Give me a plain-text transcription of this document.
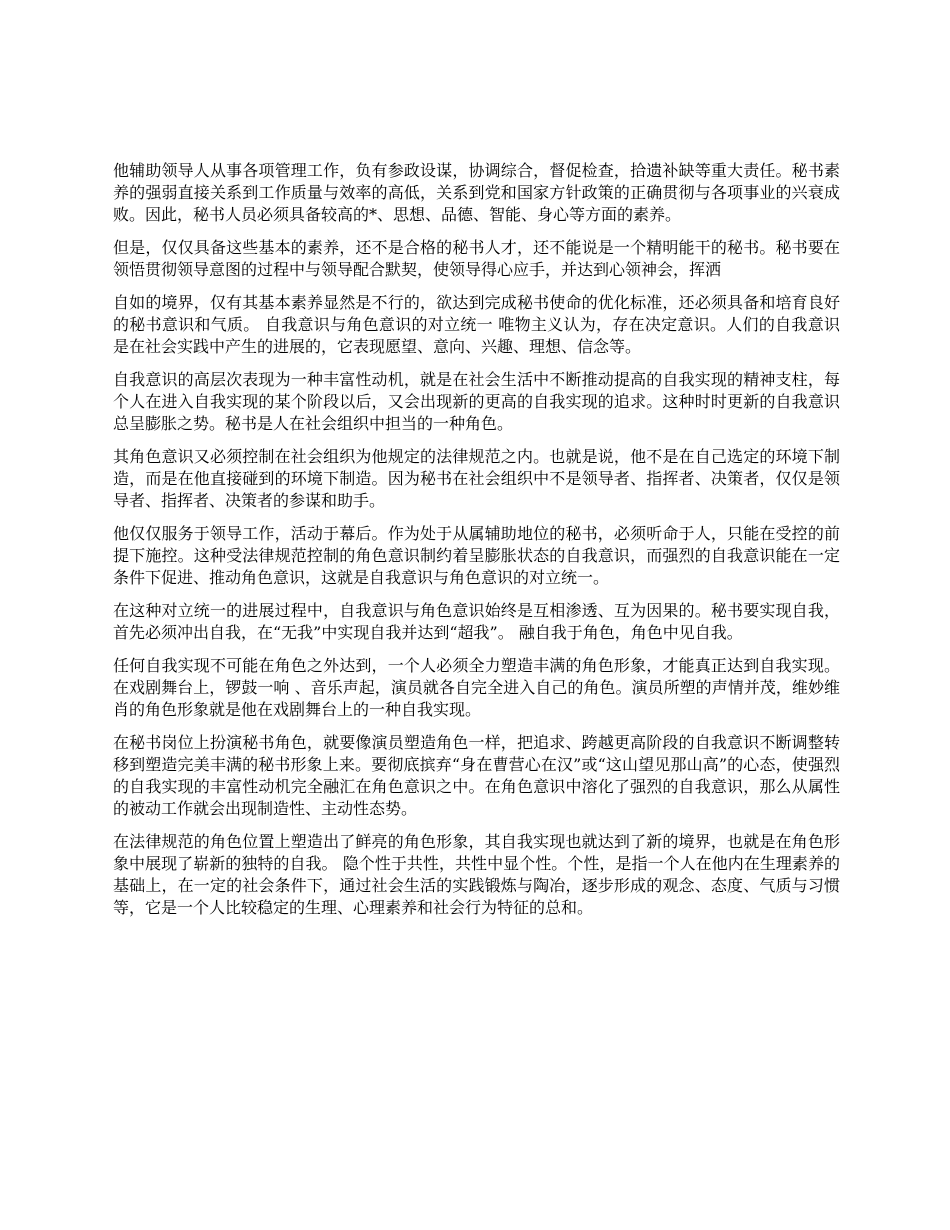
他辅助领导人从事各项管理工作，负有参政设谋，协调综合，督促检查，拾遗补缺等重大责任。秘书素养的强弱直接关系到工作质量与效率的高低，关系到党和国家方针政策的正确贯彻与各项事业的兴衰成败。因此，秘书人员必须具备较高的*、思想、品德、智能、身心等方面的素养。

但是，仅仅具备这些基本的素养，还不是合格的秘书人才，还不能说是一个精明能干的秘书。秘书要在领悟贯彻领导意图的过程中与领导配合默契，使领导得心应手，并达到心领神会，挥洒

自如的境界，仅有其基本素养显然是不行的，欲达到完成秘书使命的优化标准，还必须具备和培育良好的秘书意识和气质。 自我意识与角色意识的对立统一 唯物主义认为，存在决定意识。人们的自我意识是在社会实践中产生的进展的，它表现愿望、意向、兴趣、理想、信念等。

自我意识的高层次表现为一种丰富性动机，就是在社会生活中不断推动提高的自我实现的精神支柱，每个人在进入自我实现的某个阶段以后，又会出现新的更高的自我实现的追求。这种时时更新的自我意识总呈膨胀之势。秘书是人在社会组织中担当的一种角色。

其角色意识又必须控制在社会组织为他规定的法律规范之内。也就是说，他不是在自己选定的环境下制造，而是在他直接碰到的环境下制造。因为秘书在社会组织中不是领导者、指挥者、决策者，仅仅是领导者、指挥者、决策者的参谋和助手。

他仅仅服务于领导工作，活动于幕后。作为处于从属辅助地位的秘书，必须听命于人，只能在受控的前提下施控。这种受法律规范控制的角色意识制约着呈膨胀状态的自我意识，而强烈的自我意识能在一定条件下促进、推动角色意识，这就是自我意识与角色意识的对立统一。

在这种对立统一的进展过程中，自我意识与角色意识始终是互相渗透、互为因果的。秘书要实现自我，首先必须冲出自我，在“无我”中实现自我并达到“超我”。 融自我于角色，角色中见自我。

任何自我实现不可能在角色之外达到，一个人必须全力塑造丰满的角色形象，才能真正达到自我实现。在戏剧舞台上，锣鼓一响 、音乐声起，演员就各自完全进入自己的角色。演员所塑的声情并茂，维妙维肖的角色形象就是他在戏剧舞台上的一种自我实现。

在秘书岗位上扮演秘书角色，就要像演员塑造角色一样，把追求、跨越更高阶段的自我意识不断调整转移到塑造完美丰满的秘书形象上来。要彻底摈弃“身在曹营心在汉”或“这山望见那山高”的心态，使强烈的自我实现的丰富性动机完全融汇在角色意识之中。在角色意识中溶化了强烈的自我意识，那么从属性的被动工作就会出现制造性、主动性态势。

在法律规范的角色位置上塑造出了鲜亮的角色形象，其自我实现也就达到了新的境界，也就是在角色形象中展现了崭新的独特的自我。 隐个性于共性，共性中显个性。个性，是指一个人在他内在生理素养的基础上，在一定的社会条件下，通过社会生活的实践锻炼与陶冶，逐步形成的观念、态度、气质与习惯等，它是一个人比较稳定的生理、心理素养和社会行为特征的总和。
